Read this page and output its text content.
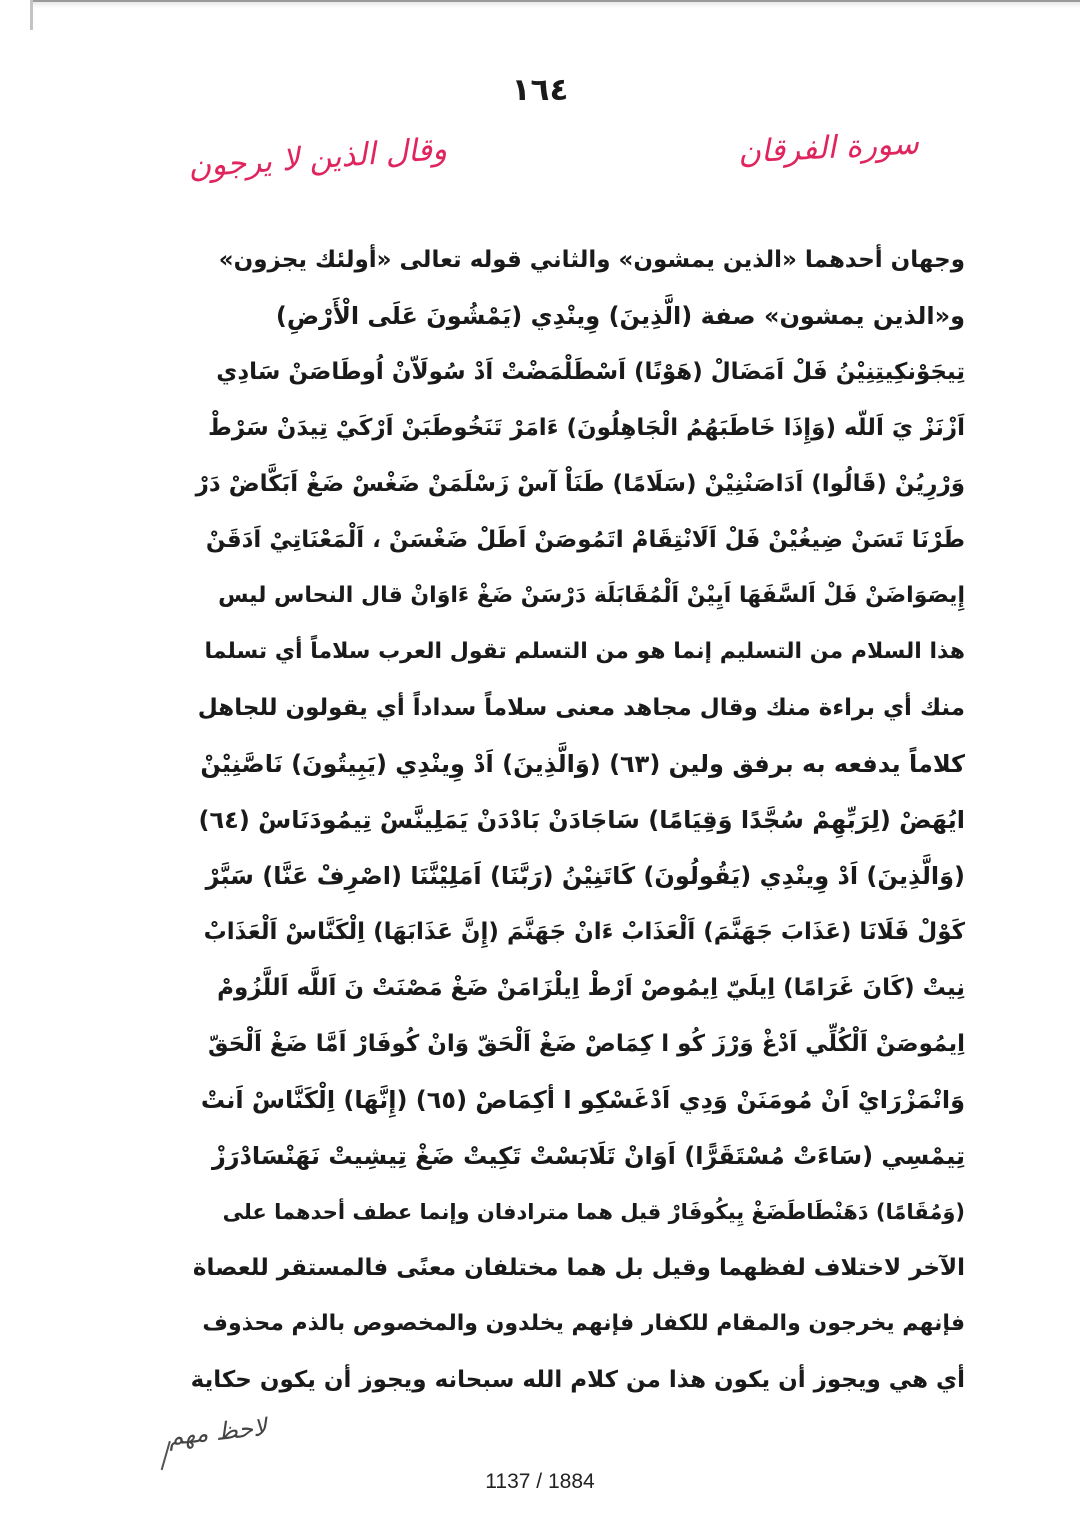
١٦٤
سورة الفرقان
وقال الذين لا يرجون
وجهان أحدهما «الذين يمشون» والثاني قوله تعالى «أولئك يجزون»
و«الذين يمشون» صفة (الَّذِينَ) وِينْدِي (يَمْشُونَ عَلَى الْأَرْضِ)
تِيجَوْنكِيتِنِيْنُ فَلْ اَمَضَالْ (هَوْنًا) اَسْطَلْمَضْتْ اَدْ سُولَاّنْ اُوطَاصَنْ سَادِي
اَزْنَزْ يَ اَللّه (وَإِذَا خَاطَبَهُمُ الْجَاهِلُونَ) ءَامَرْ تَنَخُوطَبَنْ اَرْكَيْ تِيدَنْ سَرْطْ
وَرْرِيُنْ (قَالُوا) اَدَاصَنْنِيْنْ (سَلَامًا) طَنَاْ آسْ زَسْلَمَنْ ضَغْسْ ضَغْ اَبَكَّاضْ دَرْ
طَرْنَا تَسَنْ ضِيغُيْنْ فَلْ اَلَانْتِقَامْ اتَمُوصَنْ اَطَلْ ضَغْسَنْ ، اَلْمَعْنَاتِيْ اَدَقَنْ
إِيصَوَاضَنْ فَلْ اَلسَّفَهَا اَيِيْنْ اَلْمُقَابَلَة دَرْسَنْ ضَغْ ءَاوَانْ قال النحاس ليس
هذا السلام من التسليم إنما هو من التسلم تقول العرب سلاماً أي تسلما
منك أي براءة منك وقال مجاهد معنى سلاماً سداداً أي يقولون للجاهل
كلاماً يدفعه به برفق ولين (٦٣) (وَالَّذِينَ) اَدْ وِينْدِي (يَبِيتُونَ) نَاصَّنِيْنْ
ايُهَضْ (لِرَبِّهِمْ سُجَّدًا وَقِيَامًا) سَاجَادَنْ بَادْدَنْ يَمَلِينَّسْ تِيمُودَنَاسْ (٦٤)
(وَالَّذِينَ) اَدْ وِينْدِي (يَقُولُونَ) كَاتَنِيْنُ (رَبَّنَا) اَمَلِيْنَّنَا (اصْرِفْ عَنَّا) سَبَّرْ
كَوْلْ فَلَانَا (عَذَابَ جَهَنَّمَ) اَلْعَذَابْ ءَانْ جَهَنَّمَ (إِنَّ عَذَابَهَا) اِلْكَنَّاسْ اَلْعَذَابْ
نِيتْ (كَانَ غَرَامًا) اِيلَيّ اِيمُوصْ اَرْطْ اِيلْزَامَنْ ضَغْ مَصْنَتْ نَ اَللَّه اَللَّزُومْ
اِيمُوصَنْ اَلْكُلِّي اَدْغْ وَرْزَ كُو ا كِمَاصْ ضَغْ اَلْحَقّ وَانْ كُوفَارْ اَمَّا ضَغْ اَلْحَقّ
وَانْمَزْرَايْ اَنْ مُومَنَنْ وَدِي اَدْغَسْكِو ا أكِمَاصْ (٦٥) (إِنَّهَا) اِلْكَنَّاسْ اَنتْ
تِيمْسِي (سَاءَتْ مُسْتَقَرًّا) اَوَانْ تَلَابَسْتْ تَكِيتْ ضَغْ تِيشِيتْ نَهَنْسَادْرَزْ
(وَمُقَامًا) دَهَنْطَاطَضَغْ يِيكُوفَارْ قيل هما مترادفان وإنما عطف أحدهما على
الآخر لاختلاف لفظهما وقيل بل هما مختلفان معنًى فالمستقر للعصاة
فإنهم يخرجون والمقام للكفار فإنهم يخلدون والمخصوص بالذم محذوف
أي هي ويجوز أن يكون هذا من كلام الله سبحانه ويجوز أن يكون حكاية
لاحظ مهم
1137 / 1884
